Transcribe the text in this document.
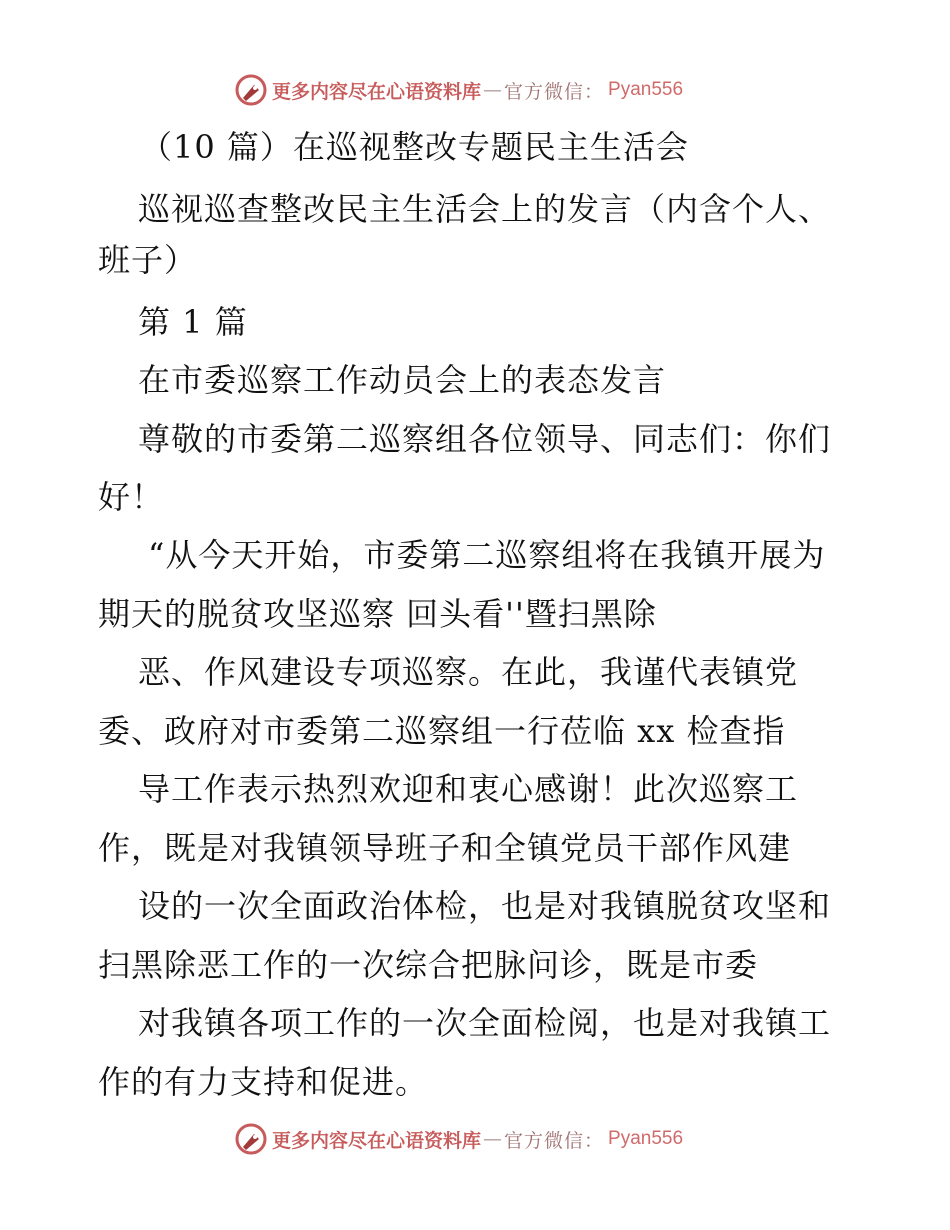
更多内容尽在心语资料库 — 官方微信： Pyan556
（10 篇）在巡视整改专题民主生活会
巡视巡查整改民主生活会上的发言（内含个人、
班子）
第 1 篇
在市委巡察工作动员会上的表态发言
尊敬的市委第二巡察组各位领导、同志们：你们
好！
“从今天开始，市委第二巡察组将在我镇开展为
期天的脱贫攻坚巡察 回头看''暨扫黑除
恶、作风建设专项巡察。在此，我谨代表镇党
委、政府对市委第二巡察组一行莅临 xx 检查指
导工作表示热烈欢迎和衷心感谢！此次巡察工
作，既是对我镇领导班子和全镇党员干部作风建
设的一次全面政治体检，也是对我镇脱贫攻坚和
扫黑除恶工作的一次综合把脉问诊，既是市委
对我镇各项工作的一次全面检阅，也是对我镇工
作的有力支持和促进。
更多内容尽在心语资料库 — 官方微信： Pyan556
